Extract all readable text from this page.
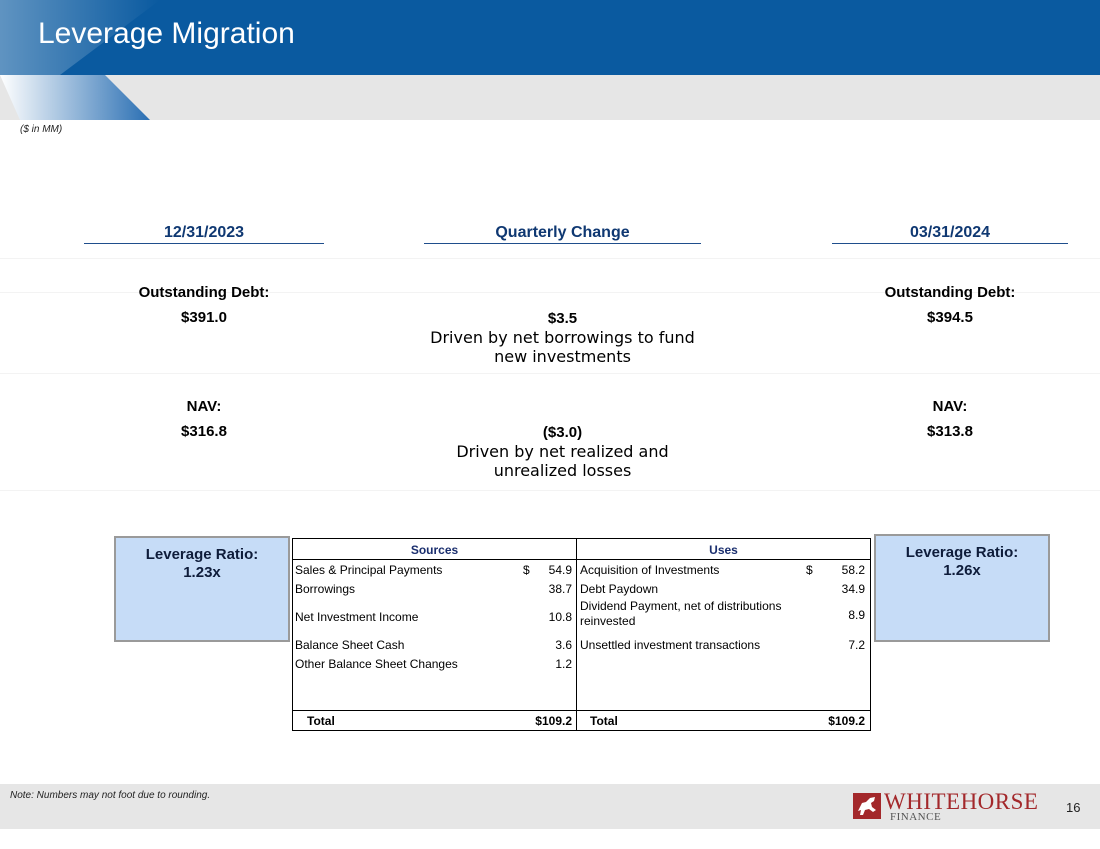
Leverage Migration
($ in MM)
12/31/2023	Quarterly Change	03/31/2024
Outstanding Debt:
$391.0	$3.5
Driven by net borrowings to fund
new investments
Outstanding Debt:
$394.5
NAV:
$316.8	($3.0)
Driven by net realized and
unrealized losses
NAV:
$313.8
Leverage Ratio:
1.23x
Leverage Ratio:
1.26x
Sources
Sales & Principal Payments	$ 54.9
Borrowings	38.7
Net Investment Income	10.8
Balance Sheet Cash	3.6
Other Balance Sheet Changes	1.2
Total	$109.2
Uses
Acquisition of Investments	$ 58.2
Debt Paydown	34.9
Dividend Payment, net of distributions reinvested	8.9
Unsettled investment transactions	7.2
Total	$109.2
Note: Numbers may not foot due to rounding.	WHITEHORSE
FINANCE
16
